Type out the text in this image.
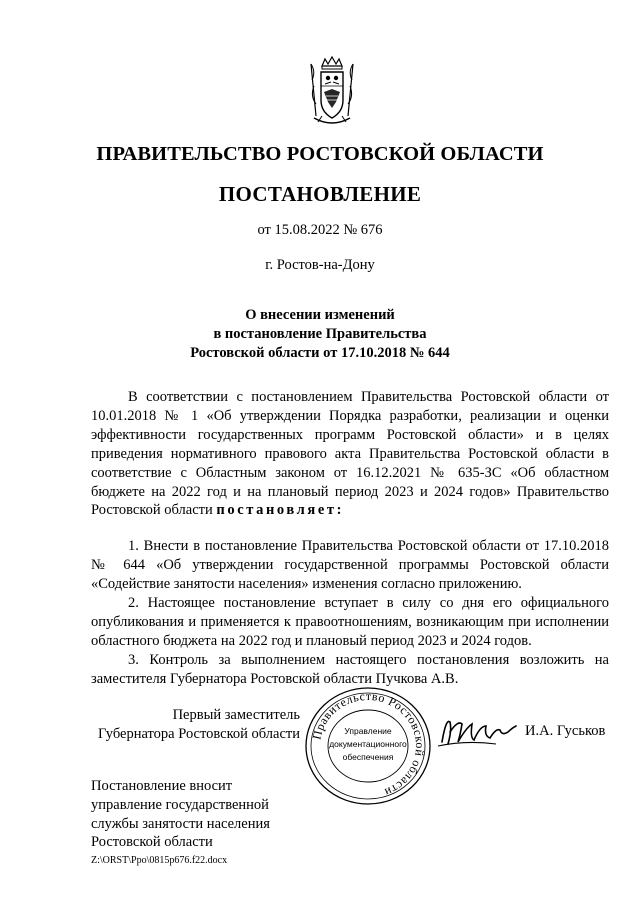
ПРАВИТЕЛЬСТВО РОСТОВСКОЙ ОБЛАСТИ
ПОСТАНОВЛЕНИЕ
от 15.08.2022 № 676
г. Ростов-на-Дону
О внесении изменений
в постановление Правительства
Ростовской области от 17.10.2018 № 644

В соответствии с постановлением Правительства Ростовской области от 10.01.2018 № 1 «Об утверждении Порядка разработки, реализации и оценки эффективности государственных программ Ростовской области» и в целях приведения нормативного правового акта Правительства Ростовской области в соответствие с Областным законом от 16.12.2021 № 635-ЗС «Об областном бюджете на 2022 год и на плановый период 2023 и 2024 годов» Правительство Ростовской области постановляет:

1. Внести в постановление Правительства Ростовской области от 17.10.2018 № 644 «Об утверждении государственной программы Ростовской области «Содействие занятости населения» изменения согласно приложению.

2. Настоящее постановление вступает в силу со дня его официального опубликования и применяется к правоотношениям, возникающим при исполнении областного бюджета на 2022 год и плановый период 2023 и 2024 годов.

3. Контроль за выполнением настоящего постановления возложить на заместителя Губернатора Ростовской области Пучкова А.В.

Первый заместитель
Губернатора Ростовской области Правительство Ростовской области
Управление
документационного
обеспечения
И.А. Гуськов
Постановление вносит
управление государственной
службы занятости населения
Ростовской области
Z:\ORST\Ppo\0815p676.f22.docx
